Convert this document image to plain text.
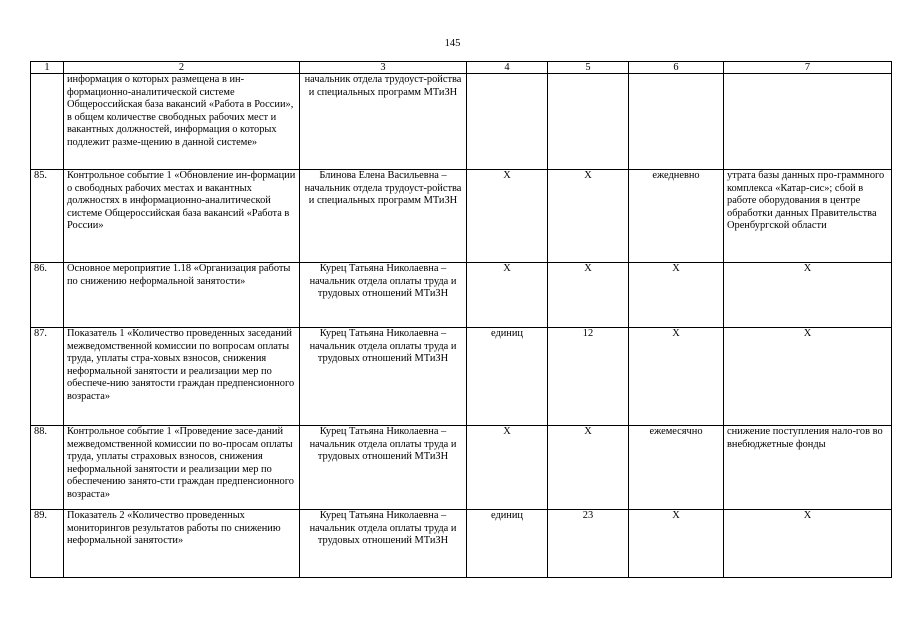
145
1	2	3	4	5	6	7
	информация о которых размещена в ин-формационно-аналитической системе Общероссийская база вакансий «Работа в России», в общем количестве свободных рабочих мест и вакантных должностей, информация о которых подлежит разме-щению в данной системе»	начальник отдела трудоуст-ройства и специальных программ МТиЗН				
85.	Контрольное событие 1 «Обновление ин-формации о свободных рабочих местах и вакантных должностях в информационно-аналитической системе Общероссийская база вакансий «Работа в России»	Блинова Елена Васильевна – начальник отдела трудоуст-ройства и специальных программ МТиЗН	Х	Х	ежедневно	утрата базы данных про-граммного комплекса «Катар-сис»; сбой в работе оборудования в центре обработки данных Правительства Оренбургской области
86.	Основное мероприятие 1.18 «Организация работы по снижению неформальной занятости»	Курец Татьяна Николаевна – начальник отдела оплаты труда и трудовых отношений МТиЗН	Х	Х	Х	Х
87.	Показатель 1 «Количество проведенных заседаний межведомственной комиссии по вопросам оплаты труда, уплаты стра-ховых взносов, снижения неформальной занятости и реализации мер по обеспече-нию занятости граждан предпенсионного возраста»	Курец Татьяна Николаевна – начальник отдела оплаты труда и трудовых отношений МТиЗН	единиц	12	Х	Х
88.	Контрольное событие 1 «Проведение засе-даний межведомственной комиссии по во-просам оплаты труда, уплаты страховых взносов, снижения неформальной занятости и реализации мер по обеспечению занято-сти граждан предпенсионного возраста»	Курец Татьяна Николаевна – начальник отдела оплаты труда и трудовых отношений МТиЗН	Х	Х	ежемесячно	снижение поступления нало-гов во внебюджетные фонды
89.	Показатель 2 «Количество проведенных мониторингов результатов работы по снижению неформальной занятости»	Курец Татьяна Николаевна – начальник отдела оплаты труда и трудовых отношений МТиЗН	единиц	23	Х	Х
